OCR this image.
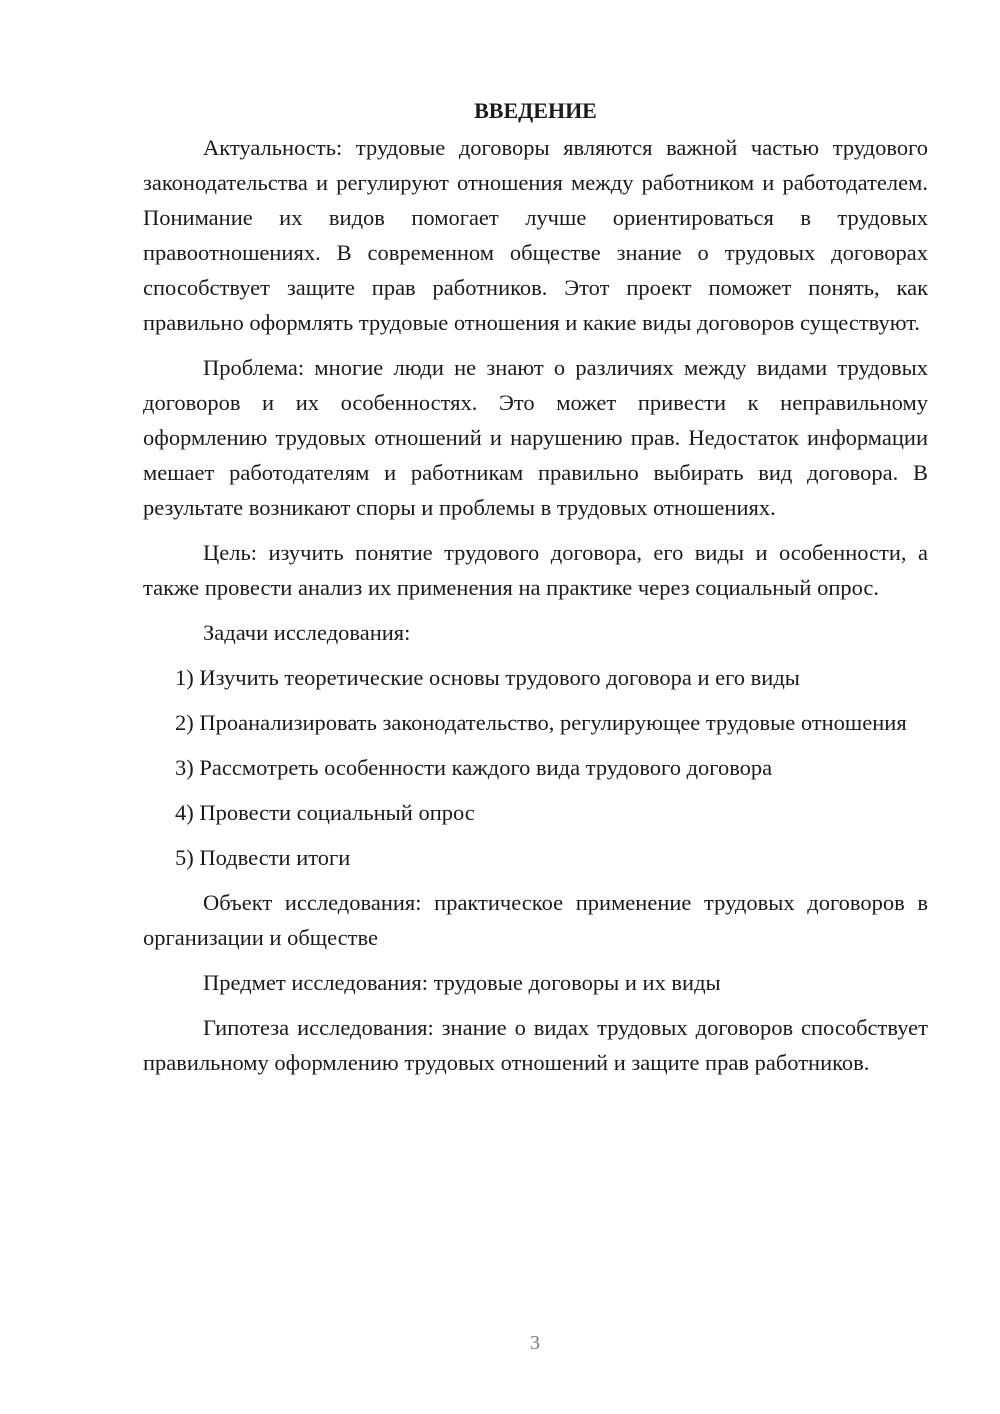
ВВЕДЕНИЕ

Актуальность: трудовые договоры являются важной частью трудового законодательства и регулируют отношения между работником и работодателем. Понимание их видов помогает лучше ориентироваться в трудовых правоотношениях. В современном обществе знание о трудовых договорах способствует защите прав работников. Этот проект поможет понять, как правильно оформлять трудовые отношения и какие виды договоров существуют.

Проблема: многие люди не знают о различиях между видами трудовых договоров и их особенностях. Это может привести к неправильному оформлению трудовых отношений и нарушению прав. Недостаток информации мешает работодателям и работникам правильно выбирать вид договора. В результате возникают споры и проблемы в трудовых отношениях.

Цель: изучить понятие трудового договора, его виды и особенности, а также провести анализ их применения на практике через социальный опрос.

Задачи исследования:

1) Изучить теоретические основы трудового договора и его виды

2) Проанализировать законодательство, регулирующее трудовые отношения

3) Рассмотреть особенности каждого вида трудового договора

4) Провести социальный опрос

5) Подвести итоги

Объект исследования: практическое применение трудовых договоров в организации и обществе

Предмет исследования: трудовые договоры и их виды

Гипотеза исследования: знание о видах трудовых договоров способствует правильному оформлению трудовых отношений и защите прав работников.

3
